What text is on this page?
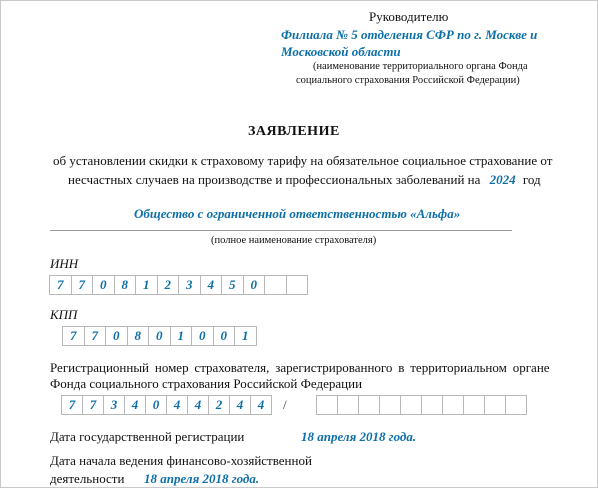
Руководителю
Филиала № 5 отделения СФР по г. Москве и
Московской области
(наименование территориального органа Фонда
социального страхования Российской Федерации)
ЗАЯВЛЕНИЕ
об установлении скидки к страховому тарифу на обязательное социальное страхование от
несчастных случаев на производстве и профессиональных заболеваний на 2024 год
Общество с ограниченной ответственностью «Альфа»
(полное наименование страхователя)
ИНН
7	7	0	8	1	2	3	4	5	0
КПП
7	7	0	8	0	1	0	0	1
Регистрационный номер страхователя, зарегистрированного в территориальном органе
Фонда социального страхования Российской Федерации
7	7	3	4	0	4	4	2	4	4	/
Дата государственной регистрации	18 апреля 2018 года.
Дата начала ведения финансово-хозяйственной
деятельности 18 апреля 2018 года.
